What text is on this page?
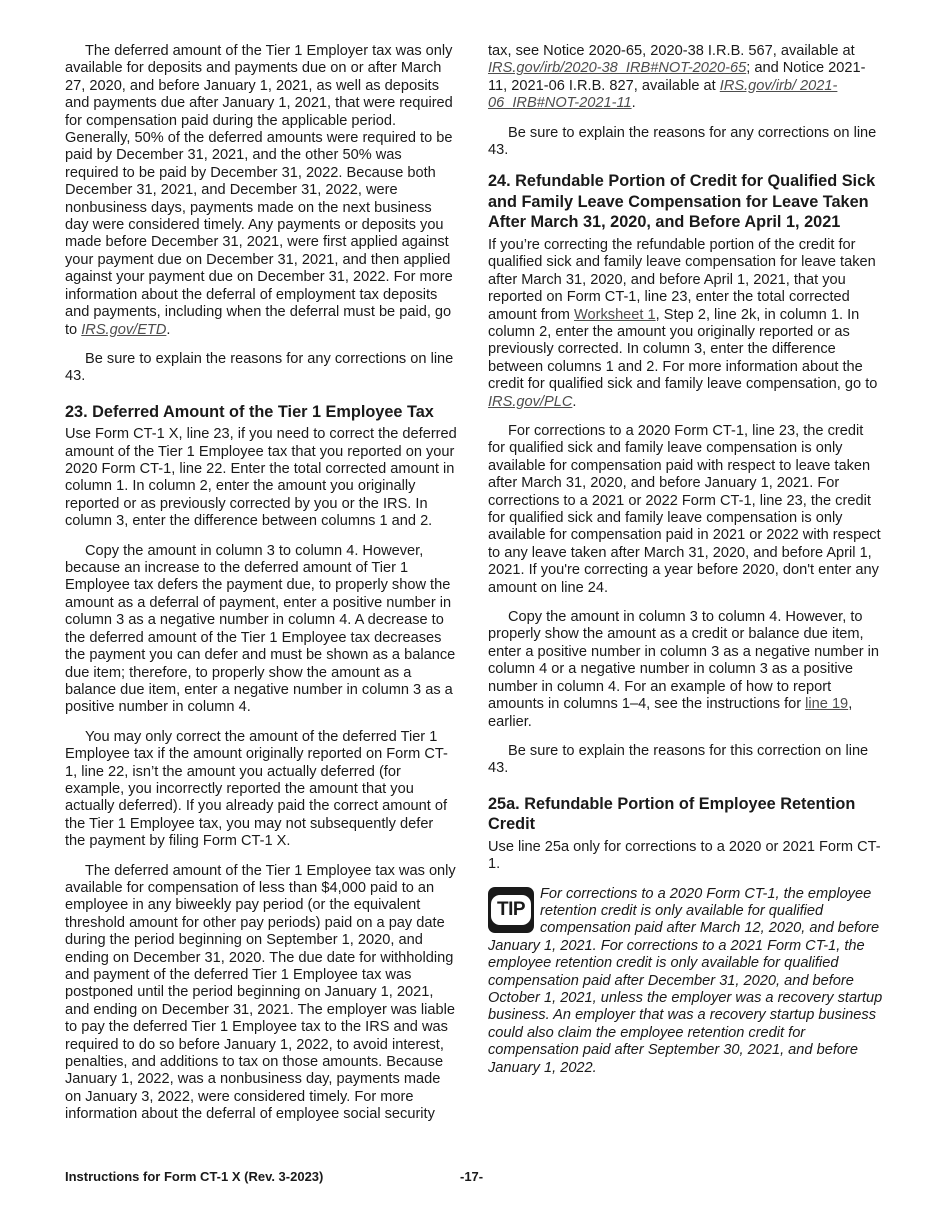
The deferred amount of the Tier 1 Employer tax was only available for deposits and payments due on or after March 27, 2020, and before January 1, 2021, as well as deposits and payments due after January 1, 2021, that were required for compensation paid during the applicable period. Generally, 50% of the deferred amounts were required to be paid by December 31, 2021, and the other 50% was required to be paid by December 31, 2022. Because both December 31, 2021, and December 31, 2022, were nonbusiness days, payments made on the next business day were considered timely. Any payments or deposits you made before December 31, 2021, were first applied against your payment due on December 31, 2021, and then applied against your payment due on December 31, 2022. For more information about the deferral of employment tax deposits and payments, including when the deferral must be paid, go to IRS.gov/ETD.

Be sure to explain the reasons for any corrections on line 43.

23. Deferred Amount of the Tier 1 Employee Tax

Use Form CT-1 X, line 23, if you need to correct the deferred amount of the Tier 1 Employee tax that you reported on your 2020 Form CT-1, line 22. Enter the total corrected amount in column 1. In column 2, enter the amount you originally reported or as previously corrected by you or the IRS. In column 3, enter the difference between columns 1 and 2.

Copy the amount in column 3 to column 4. However, because an increase to the deferred amount of Tier 1 Employee tax defers the payment due, to properly show the amount as a deferral of payment, enter a positive number in column 3 as a negative number in column 4. A decrease to the deferred amount of the Tier 1 Employee tax decreases the payment you can defer and must be shown as a balance due item; therefore, to properly show the amount as a balance due item, enter a negative number in column 3 as a positive number in column 4.

You may only correct the amount of the deferred Tier 1 Employee tax if the amount originally reported on Form CT-1, line 22, isn’t the amount you actually deferred (for example, you incorrectly reported the amount that you actually deferred). If you already paid the correct amount of the Tier 1 Employee tax, you may not subsequently defer the payment by filing Form CT-1 X.

The deferred amount of the Tier 1 Employee tax was only available for compensation of less than $4,000 paid to an employee in any biweekly pay period (or the equivalent threshold amount for other pay periods) paid on a pay date during the period beginning on September 1, 2020, and ending on December 31, 2020. The due date for withholding and payment of the deferred Tier 1 Employee tax was postponed until the period beginning on January 1, 2021, and ending on December 31, 2021. The employer was liable to pay the deferred Tier 1 Employee tax to the IRS and was required to do so before January 1, 2022, to avoid interest, penalties, and additions to tax on those amounts. Because January 1, 2022, was a nonbusiness day, payments made on January 3, 2022, were considered timely. For more information about the deferral of employee social security

tax, see Notice 2020-65, 2020-38 I.R.B. 567, available at IRS.gov/irb/2020-38_IRB#NOT-2020-65; and Notice 2021-11, 2021-06 I.R.B. 827, available at IRS.gov/irb/ 2021-06_IRB#NOT-2021-11.

Be sure to explain the reasons for any corrections on line 43.

24. Refundable Portion of Credit for Qualified Sick and Family Leave Compensation for Leave Taken After March 31, 2020, and Before April 1, 2021

If you’re correcting the refundable portion of the credit for qualified sick and family leave compensation for leave taken after March 31, 2020, and before April 1, 2021, that you reported on Form CT-1, line 23, enter the total corrected amount from Worksheet 1, Step 2, line 2k, in column 1. In column 2, enter the amount you originally reported or as previously corrected. In column 3, enter the difference between columns 1 and 2. For more information about the credit for qualified sick and family leave compensation, go to IRS.gov/PLC.

For corrections to a 2020 Form CT-1, line 23, the credit for qualified sick and family leave compensation is only available for compensation paid with respect to leave taken after March 31, 2020, and before January 1, 2021. For corrections to a 2021 or 2022 Form CT-1, line 23, the credit for qualified sick and family leave compensation is only available for compensation paid in 2021 or 2022 with respect to any leave taken after March 31, 2020, and before April 1, 2021. If you're correcting a year before 2020, don't enter any amount on line 24.

Copy the amount in column 3 to column 4. However, to properly show the amount as a credit or balance due item, enter a positive number in column 3 as a negative number in column 4 or a negative number in column 3 as a positive number in column 4. For an example of how to report amounts in columns 1–4, see the instructions for line 19, earlier.

Be sure to explain the reasons for this correction on line 43.

25a. Refundable Portion of Employee Retention Credit

Use line 25a only for corrections to a 2020 or 2021 Form CT-1.

TIP
For corrections to a 2020 Form CT-1, the employee retention credit is only available for qualified compensation paid after March 12, 2020, and before January 1, 2021. For corrections to a 2021 Form CT-1, the employee retention credit is only available for qualified compensation paid after December 31, 2020, and before October 1, 2021, unless the employer was a recovery startup business. An employer that was a recovery startup business could also claim the employee retention credit for compensation paid after September 30, 2021, and before January 1, 2022.
Instructions for Form CT-1 X (Rev. 3-2023)	-17-
